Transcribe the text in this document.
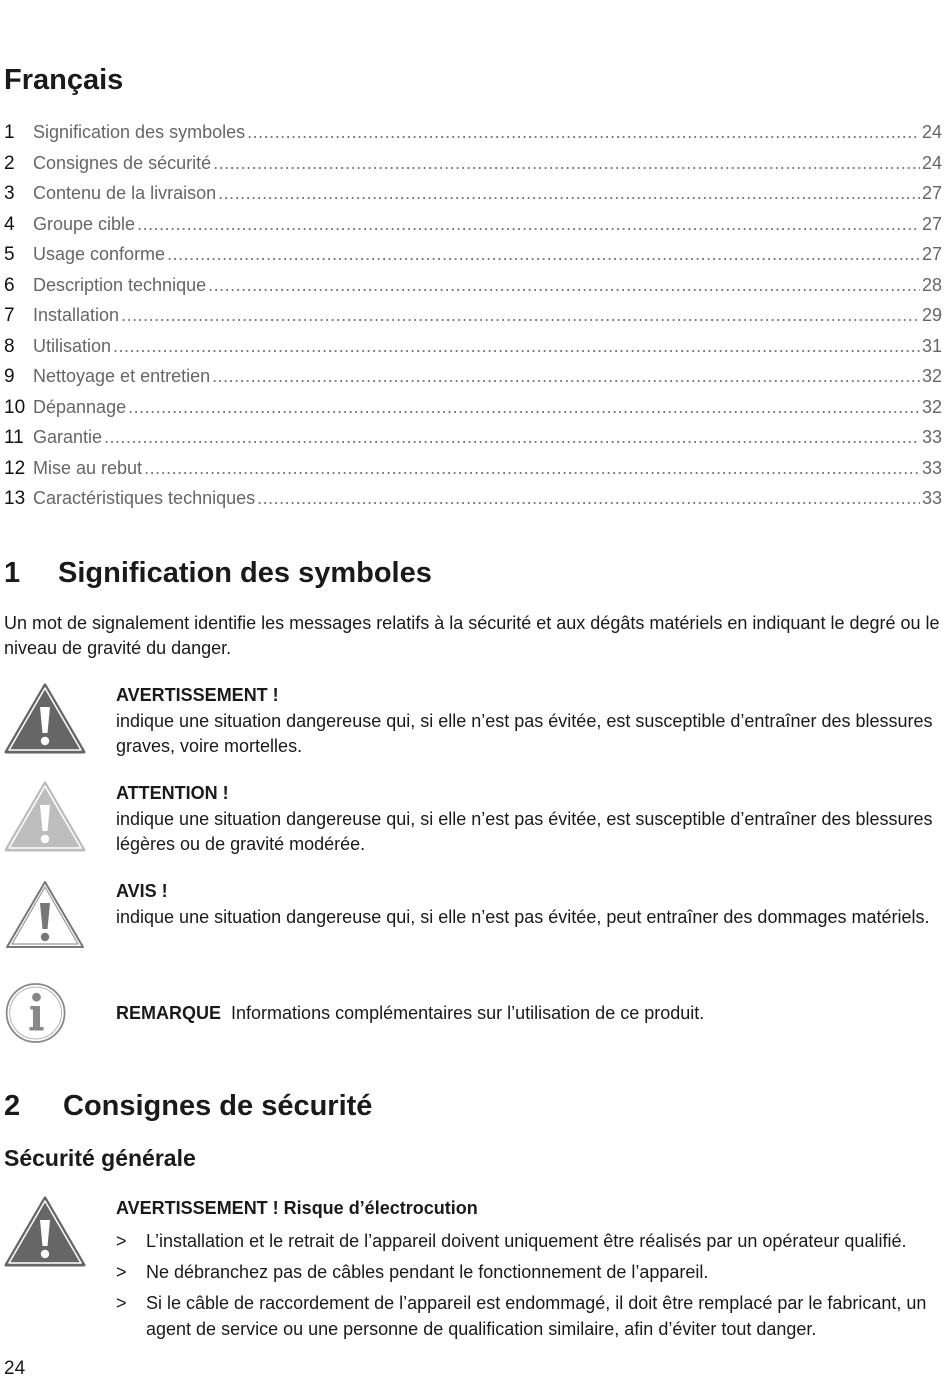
Français
1	Signification des symboles .....	24
2	Consignes de sécurité .....	24
3	Contenu de la livraison .....	27
4	Groupe cible .....	27
5	Usage conforme .....	27
6	Description technique .....	28
7	Installation .....	29
8	Utilisation .....	31
9	Nettoyage et entretien .....	32
10 Dépannage .....	32
11 Garantie .....	33
12 Mise au rebut .....	33
13 Caractéristiques techniques .....	33
1	Signification des symboles

Un mot de signalement identifie les messages relatifs à la sécurité et aux dégâts matériels en indiquant le degré ou le niveau de gravité du danger.

AVERTISSEMENT !
indique une situation dangereuse qui, si elle n’est pas évitée, est susceptible d’entraîner des blessures graves, voire mortelles.
ATTENTION !
indique une situation dangereuse qui, si elle n’est pas évitée, est susceptible d’entraîner des blessures légères ou de gravité modérée.
AVIS !
indique une situation dangereuse qui, si elle n’est pas évitée, peut entraîner des dommages matériels.
REMARQUE Informations complémentaires sur l’utilisation de ce produit.
2	Consignes de sécurité
Sécurité générale
AVERTISSEMENT ! Risque d’électrocution
> L’installation et le retrait de l’appareil doivent uniquement être réalisés par un opérateur qualifié.
> Ne débranchez pas de câbles pendant le fonctionnement de l’appareil.
> Si le câble de raccordement de l’appareil est endommagé, il doit être remplacé par le fabricant, un agent de service ou une personne de qualification similaire, afin d’éviter tout danger.
24
